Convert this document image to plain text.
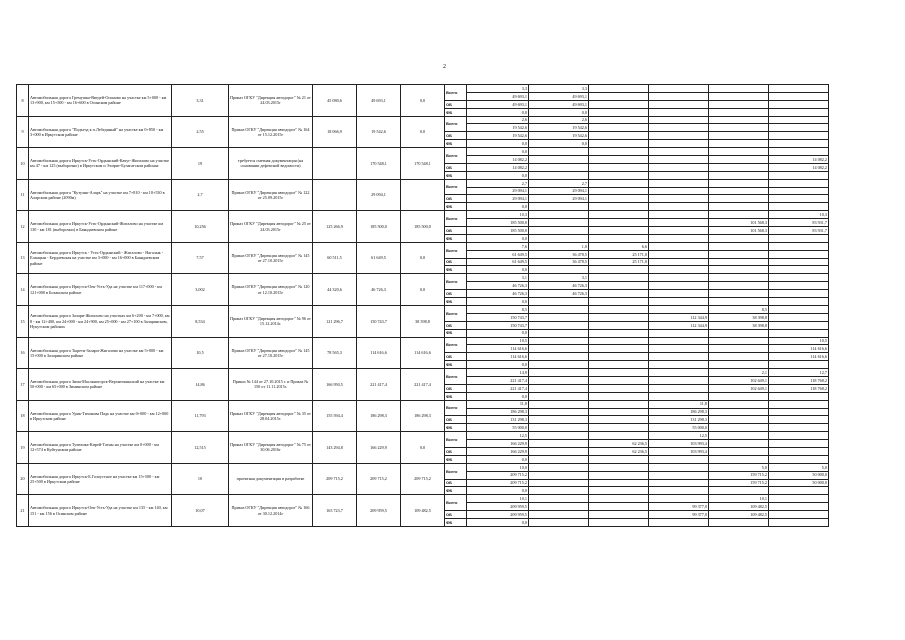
2
8	Автомобильная дорога Гремушка-Введей-Осиново на участке км 5+000 - км 13+900, км 15+500 - км 16+600 в Осинском районе	3,31	Приказ ОГКУ "Дирекция автодорог" № 21 от 24.03.2015г	45 080,6	49 693,1	0,0	Всего	3,3	3,3				
								49 693,1	49 693,1				
							ОБ	49 693,1	49 693,1				
							ФБ	0,0	0,0				
9	Автомобильная дорога "Подъезд к п.Лебединый" на участке км 0+850 - км 3+000 в Иркутском районе	2,55	Приказ ОГКУ "Дирекция автодорог" № 164 от 15.12.2015г	18 066,9	19 542,6	0,0	Всего	2,6	2,6				
								19 542,6	19 542,6				
							ОБ	19 542,6	19 542,6				
							ФБ	0,0	0,0				
10	Автомобильная дорога Иркутск-Усть-Ордынский-Качуг-Жигалово на участке км 47 - км 125 (выборочно) в Иркутском и Эхирит-Булагатском районах	19	требуется сметная документация (на основании дефектной ведомости)		170 548,1	170 548,1	Всего	0,0					
								14 082,2					14 082,2
							ОБ	14 082,2					14 082,2
							ФБ	0,0					
11	Автомобильная дорога "Кутулик-Аларь" на участке км 7+810 - км 10+530 в Аларском районе (2090м)	2,7	Приказ ОГКУ "Дирекция автодорог" № 122 от 25.09.2015г		29 094,1		Всего	2,7	2,7				
								29 094,1	29 094,1				
							ОБ	29 094,1	29 094,1				
							ФБ	0,0					
12	Автомобильная дорога Иркутск-Усть-Ордынский-Жигалово на участке км 130 - км 181 (выборочно) в Баяндаевском районе	10,256	Приказ ОГКУ "Дирекция автодорог" № 25 от 24.03.2015г	125 266,9	185 500,0	185 500,0	Всего	10,3					10,3
								185 500,0				101 568,3	83 931,7
							ОБ	185 500,0				101 568,3	83 931,7
							ФБ	0,0					
13	Автомобильная дорога Иркутск - Усть-Ордынский - Жигалово - Нагалык - Еланцын - Бердаевская на участке км 3+000 - км 16+000 в Баяндаевском районе	7,57	Приказ ОГКУ "Дирекция автодорог" № 145 от 27.10.2015г	60 511,5	61 649,5	0,0	Всего	7,6	1,0	6,6			
								61 649,5	36 478,5	25 171,0			
							ОБ	61 649,5	36 478,5	25 171,0			
							ФБ	0,0					
14	Автомобильная дорога Иркутск-Оек-Усть-Уда на участке км 117+000 - км 121+000 в Боханском районе	3,002	Приказ ОГКУ "Дирекция автодорог" № 120 от 12.10.2015г	44 320,6	46 726,3	0,0	Всего	3,1	3,1				
								46 726,3	46 726,3				
							ОБ	46 726,3	46 726,3				
							ФБ	0,0					
15	Автомобильная дорога Залари-Жигалово на участках км 6+200 - км 7+000, км 8 - км 12+400, км 24+000 - км 24+900, км 25+000 - км 27+100 в Заларинском, Нукутском районах	8,534	Приказ ОГКУ "Дирекция автодорог" № 96 от 15.12.2014г.	121 296,7	150 743,7	38 398,8	Всего	8,5				8,5	
								150 743,7			112 344,9	38 398,8	
							ОБ	150 743,7			112 344,9	38 398,8	
							ФБ	0,0					
16	Автомобильная дорога Тырети-Залари-Жигалово на участке км 5+000 - км 15+000 в Заларинском районе	10,5	Приказ ОГКУ "Дирекция автодорог" № 145 от 27.10.2015г	78 565,3	114 616,6	114 616,6	Всего	10,5					10,5
								114 616,6					114 616,6
							ОБ	114 616,6					114 616,6
							ФБ	0,0					
17	Автомобильная дорога Зима-Масляногорск-Верхнеокинский на участке км 50+000 - км 65+000 в Зиминском районе	14,86	Приказ № 144 от 27.10.2015 г. и Приказ № 150 от 11.11.2015г.	166 950,5	221 417,4	221 417,4	Всего	14,9				2,1	12,7
								221 417,4				102 649,1	118 768,2
							ОБ	221 417,4				102 649,1	118 768,2
							ФБ	0,0					
18	Автомобильная дорога Урик-Тихонова Падь на участке км 0+000 - км 12+000 в Иркутском районе	11,793	Приказ ОГКУ "Дирекция автодорог" № 35 от 28.04.2015г.	155 594,4	186 298,3	186 298,3	Всего	11,8			11,8		
								186 298,3			186 298,3		
							ОБ	131 298,3			131 298,3		
							ФБ	55 000,0			55 000,0		
19	Автомобильная дорога Тулюшка-Кирей-Тагны на участке км 0+000 - км 12+574 в Куйтунском районе	12,515	Приказ ОГКУ "Дирекция автодорог" № 75 от 30.06.2016г	143 294,8	166 229,9	0,0	Всего	12,5			12,5		
								166 229,9		62 236,5	103 993,4		
							ОБ	166 229,9		62 236,5	103 993,4		
							ФБ	0,0					
20	Автомобильная дорога Иркутск-Б.Голоустное на участке км 15+500 - км 25+500 в Иркутском районе	10	проектная документация в разработке	209 715,2	209 715,2	209 715,2	Всего	10,0				5,0	5,0
								209 715,2				159 715,2	50 000,0
							ОБ	209 715,2				159 715,2	50 000,0
							ФБ	0,0					
21	Автомобильная дорога Иркутск-Оек-Усть-Уда на участке км 135 - км 140, км 151 - км 156 в Осинском районе	10,07	Приказ ОГКУ "Дирекция автодорог" № 166 от 30.12.2014г	163 723,7	209 959,5	109 482,5	Всего	10,1				10,1	
								209 959,5			99 377,0	109 482,5	
							ОБ	209 959,5			99 377,0	109 482,5	
							ФБ	0,0					
